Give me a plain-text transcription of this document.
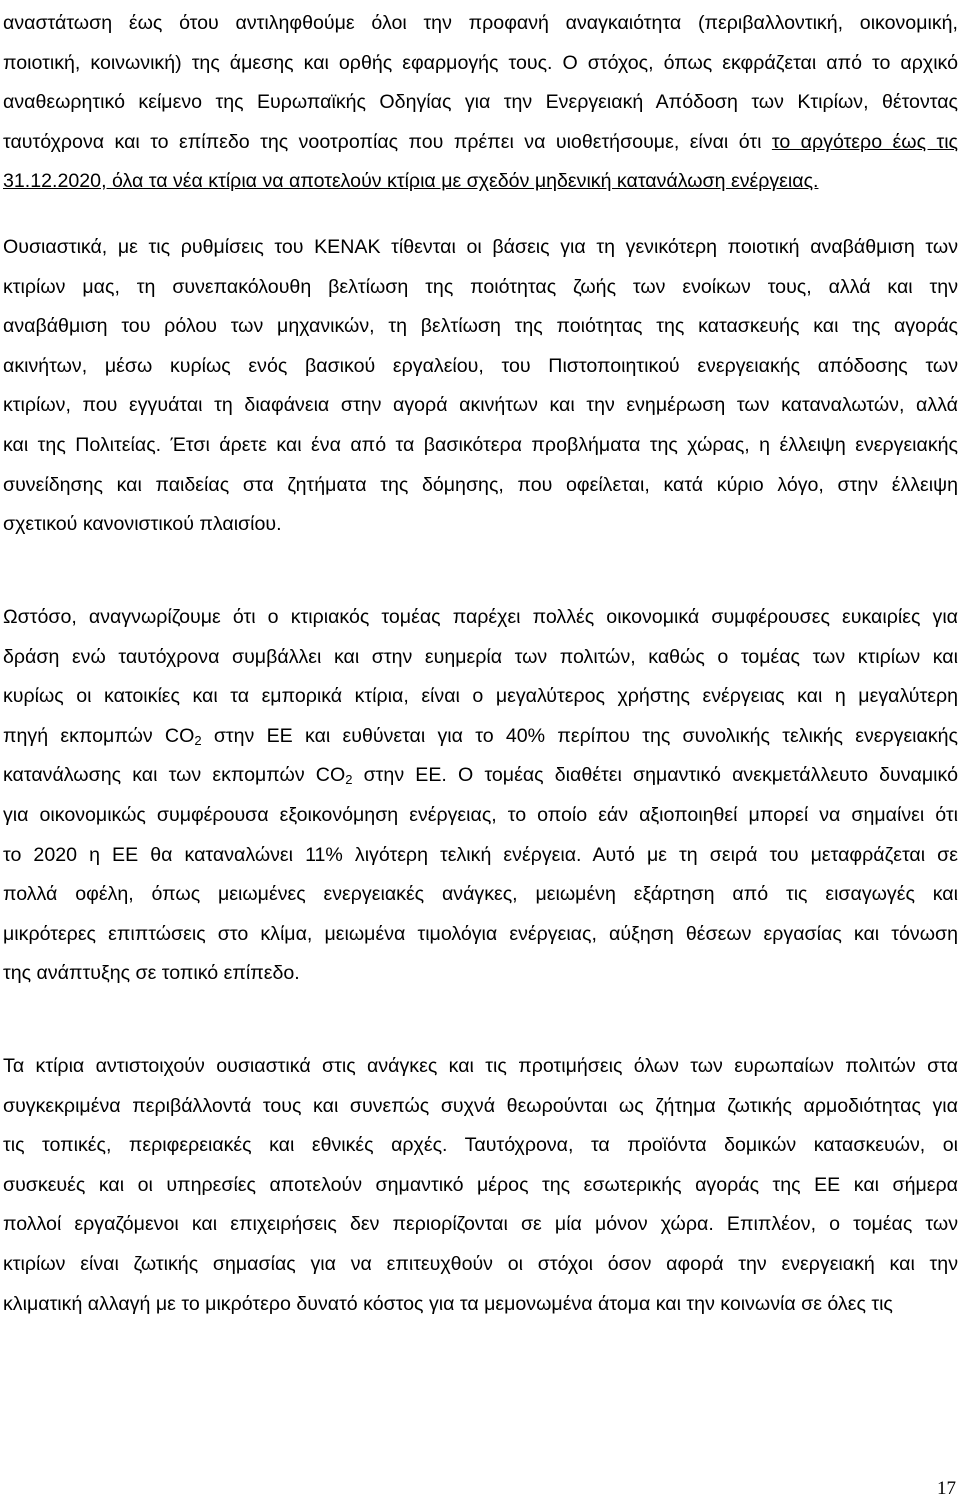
αναστάτωση έως ότου αντιληφθούμε όλοι την προφανή αναγκαιότητα (περιβαλλοντική, οικονομική,
ποιοτική, κοινωνική) της άμεσης και ορθής εφαρμογής τους. Ο στόχος, όπως εκφράζεται από το αρχικό
αναθεωρητικό κείμενο της Ευρωπαϊκής Οδηγίας για την Ενεργειακή Απόδοση των Κτιρίων, θέτοντας
ταυτόχρονα και το επίπεδο της νοοτροπίας που πρέπει να υιοθετήσουμε, είναι ότι το αργότερο έως τις
31.12.2020, όλα τα νέα κτίρια να αποτελούν κτίρια με σχεδόν μηδενική κατανάλωση ενέργειας.
Ουσιαστικά, με τις ρυθμίσεις του ΚΕΝΑΚ τίθενται οι βάσεις για τη γενικότερη ποιοτική αναβάθμιση των
κτιρίων μας, τη συνεπακόλουθη βελτίωση της ποιότητας ζωής των ενοίκων τους, αλλά και την
αναβάθμιση του ρόλου των μηχανικών, τη βελτίωση της ποιότητας της κατασκευής και της αγοράς
ακινήτων, μέσω κυρίως ενός βασικού εργαλείου, του Πιστοποιητικού ενεργειακής απόδοσης των
κτιρίων, που εγγυάται τη διαφάνεια στην αγορά ακινήτων και την ενημέρωση των καταναλωτών, αλλά
και της Πολιτείας. Έτσι άρετε και ένα από τα βασικότερα προβλήματα της χώρας, η έλλειψη ενεργειακής
συνείδησης και παιδείας στα ζητήματα της δόμησης, που οφείλεται, κατά κύριο λόγο, στην έλλειψη
σχετικού κανονιστικού πλαισίου.
Ωστόσο, αναγνωρίζουμε ότι ο κτιριακός τομέας παρέχει πολλές οικονομικά συμφέρουσες ευκαιρίες για
δράση ενώ ταυτόχρονα συμβάλλει και στην ευημερία των πολιτών, καθώς ο τομέας των κτιρίων και
κυρίως οι κατοικίες και τα εμπορικά κτίρια, είναι ο μεγαλύτερος χρήστης ενέργειας και η μεγαλύτερη
πηγή εκπομπών $CO_2$ στην ΕΕ και ευθύνεται για το 40% περίπου της συνολικής τελικής ενεργειακής
κατανάλωσης και των εκπομπών $CO_2$ στην ΕΕ. Ο τομέας διαθέτει σημαντικό ανεκμετάλλευτο δυναμικό
για οικονομικώς συμφέρουσα εξοικονόμηση ενέργειας, το οποίο εάν αξιοποιηθεί μπορεί να σημαίνει ότι
το 2020 η ΕΕ θα καταναλώνει 11% λιγότερη τελική ενέργεια. Αυτό με τη σειρά του μεταφράζεται σε
πολλά οφέλη, όπως μειωμένες ενεργειακές ανάγκες, μειωμένη εξάρτηση από τις εισαγωγές και
μικρότερες επιπτώσεις στο κλίμα, μειωμένα τιμολόγια ενέργειας, αύξηση θέσεων εργασίας και τόνωση
της ανάπτυξης σε τοπικό επίπεδο.
Τα κτίρια αντιστοιχούν ουσιαστικά στις ανάγκες και τις προτιμήσεις όλων των ευρωπαίων πολιτών στα
συγκεκριμένα περιβάλλοντά τους και συνεπώς συχνά θεωρούνται ως ζήτημα ζωτικής αρμοδιότητας για
τις τοπικές, περιφερειακές και εθνικές αρχές. Ταυτόχρονα, τα προϊόντα δομικών κατασκευών, οι
συσκευές και οι υπηρεσίες αποτελούν σημαντικό μέρος της εσωτερικής αγοράς της ΕΕ και σήμερα
πολλοί εργαζόμενοι και επιχειρήσεις δεν περιορίζονται σε μία μόνον χώρα. Επιπλέον, ο τομέας των
κτιρίων είναι ζωτικής σημασίας για να επιτευχθούν οι στόχοι όσον αφορά την ενεργειακή και την
κλιματική αλλαγή με το μικρότερο δυνατό κόστος για τα μεμονωμένα άτομα και την κοινωνία σε όλες τις
17
